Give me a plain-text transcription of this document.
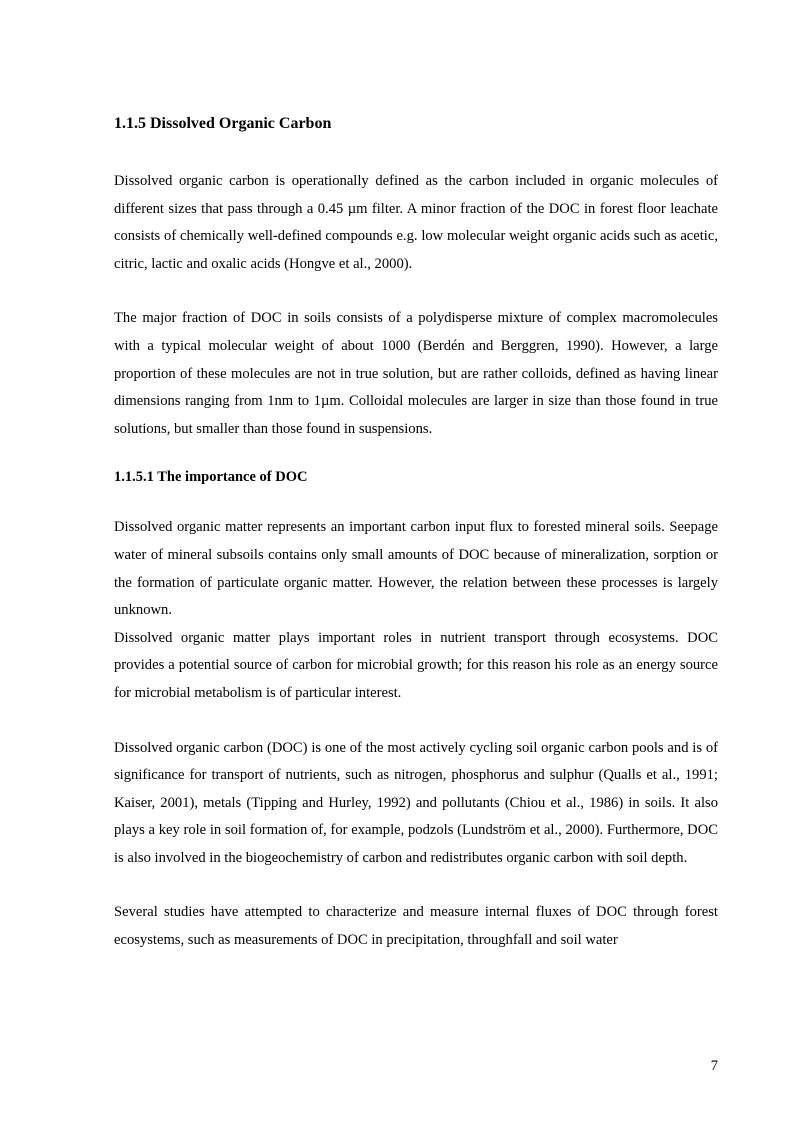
1.1.5 Dissolved Organic Carbon

Dissolved organic carbon is operationally defined as the carbon included in organic molecules of different sizes that pass through a 0.45 µm filter. A minor fraction of the DOC in forest floor leachate consists of chemically well-defined compounds e.g. low molecular weight organic acids such as acetic, citric, lactic and oxalic acids (Hongve et al., 2000).

The major fraction of DOC in soils consists of a polydisperse mixture of complex macromolecules with a typical molecular weight of about 1000 (Berdén and Berggren, 1990). However, a large proportion of these molecules are not in true solution, but are rather colloids, defined as having linear dimensions ranging from 1nm to 1µm. Colloidal molecules are larger in size than those found in true solutions, but smaller than those found in suspensions.

1.1.5.1 The importance of DOC

Dissolved organic matter represents an important carbon input flux to forested mineral soils. Seepage water of mineral subsoils contains only small amounts of DOC because of mineralization, sorption or the formation of particulate organic matter. However, the relation between these processes is largely unknown.

Dissolved organic matter plays important roles in nutrient transport through ecosystems. DOC provides a potential source of carbon for microbial growth; for this reason his role as an energy source for microbial metabolism is of particular interest.

Dissolved organic carbon (DOC) is one of the most actively cycling soil organic carbon pools and is of significance for transport of nutrients, such as nitrogen, phosphorus and sulphur (Qualls et al., 1991; Kaiser, 2001), metals (Tipping and Hurley, 1992) and pollutants (Chiou et al., 1986) in soils. It also plays a key role in soil formation of, for example, podzols (Lundström et al., 2000). Furthermore, DOC is also involved in the biogeochemistry of carbon and redistributes organic carbon with soil depth.

Several studies have attempted to characterize and measure internal fluxes of DOC through forest ecosystems, such as measurements of DOC in precipitation, throughfall and soil water

7
